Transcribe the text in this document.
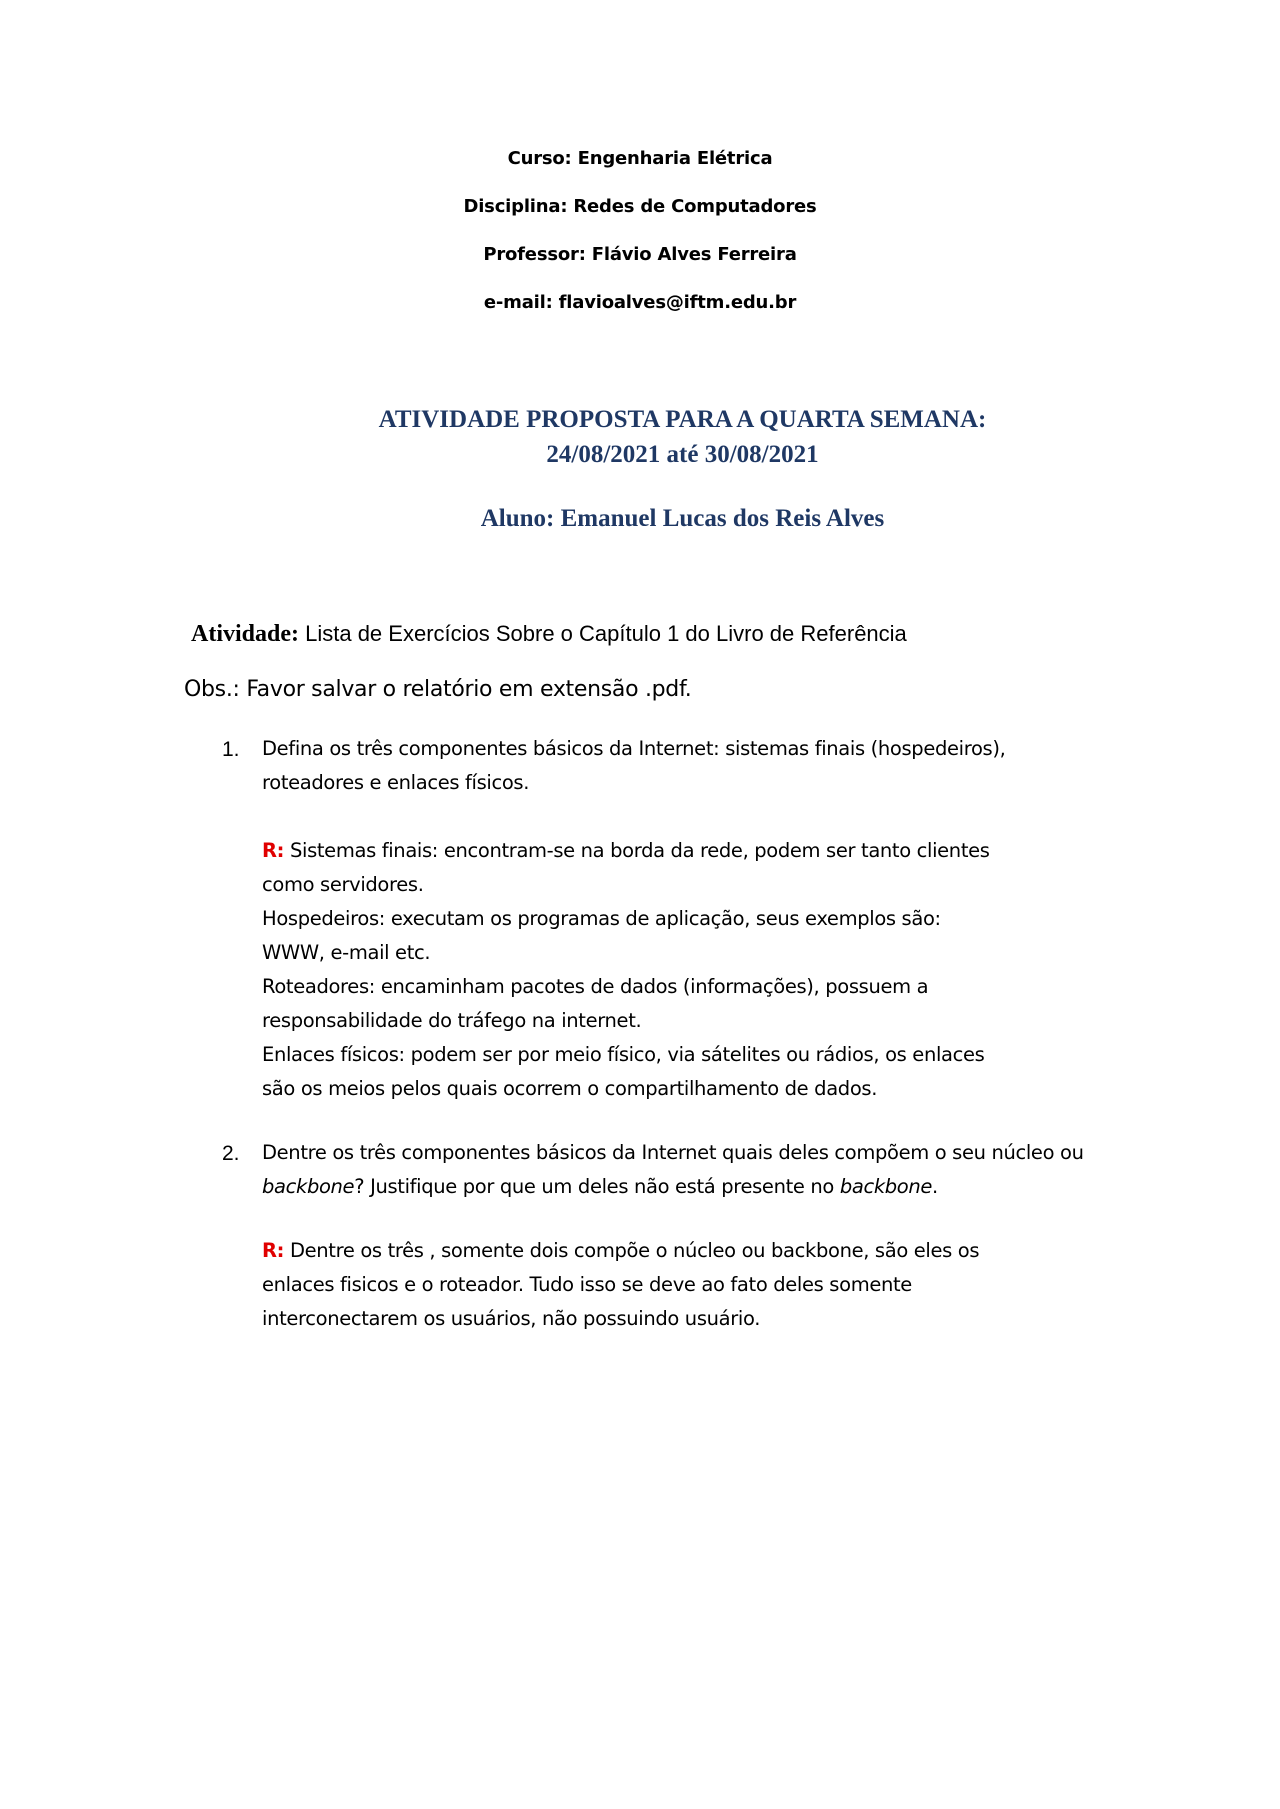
Curso: Engenharia Elétrica

Disciplina: Redes de Computadores

Professor: Flávio Alves Ferreira

e-mail: flavioalves@iftm.edu.br

ATIVIDADE PROPOSTA PARA A QUARTA SEMANA:

24/08/2021 até 30/08/2021

Aluno: Emanuel Lucas dos Reis Alves

Atividade: Lista de Exercícios Sobre o Capítulo 1 do Livro de Referência

Obs.: Favor salvar o relatório em extensão .pdf.

1. Defina os três componentes básicos da Internet: sistemas finais (hospedeiros),
roteadores e enlaces físicos.

R: Sistemas finais: encontram-se na borda da rede, podem ser tanto clientes

como servidores.

Hospedeiros: executam os programas de aplicação, seus exemplos são:

WWW, e-mail etc.

Roteadores: encaminham pacotes de dados (informações), possuem a

responsabilidade do tráfego na internet.

Enlaces físicos: podem ser por meio físico, via sátelites ou rádios, os enlaces

são os meios pelos quais ocorrem o compartilhamento de dados.

2. Dentre os três componentes básicos da Internet quais deles compõem o seu núcleo ou
backbone? Justifique por que um deles não está presente no backbone.

R: Dentre os três , somente dois compõe o núcleo ou backbone, são eles os

enlaces fisicos e o roteador. Tudo isso se deve ao fato deles somente

interconectarem os usuários, não possuindo usuário.
